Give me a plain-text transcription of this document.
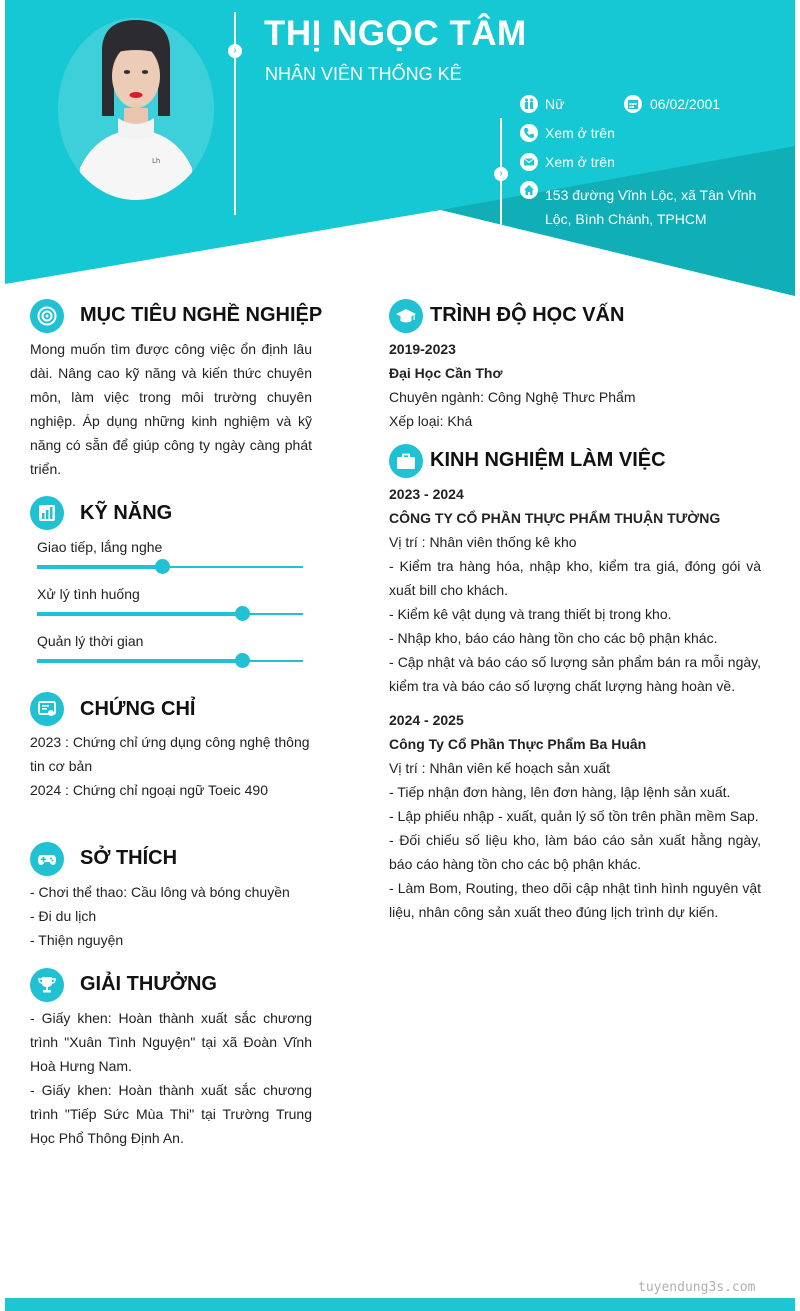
Lh
› THỊ NGỌC TÂM
NHÂN VIÊN THỐNG KÊ
›
Nữ	06/02/2001
Xem ở trên
Xem ở trên
153 đường Vĩnh Lộc, xã Tân Vĩnh
Lộc, Bình Chánh, TPHCM
MỤC TIÊU NGHỀ NGHIỆP
Mong muốn tìm được công việc ổn định lâu dài. Nâng cao kỹ năng và kiến thức chuyên môn, làm việc trong môi trường chuyên nghiệp. Áp dụng những kinh nghiệm và kỹ năng có sẵn để giúp công ty ngày càng phát triển.
KỸ NĂNG
Giao tiếp, lắng nghe
Xử lý tình huống
Quản lý thời gian
CHỨNG CHỈ

2023 : Chứng chỉ ứng dụng công nghệ thông tin cơ bản

2024 : Chứng chỉ ngoại ngữ Toeic 490

SỞ THÍCH

- Chơi thể thao: Cầu lông và bóng chuyền

- Đi du lịch

- Thiện nguyện

GIẢI THƯỞNG

- Giấy khen: Hoàn thành xuất sắc chương trình "Xuân Tình Nguyện" tại xã Đoàn Vĩnh Hoà Hưng Nam.

- Giấy khen: Hoàn thành xuất sắc chương trình "Tiếp Sức Mùa Thi" tại Trường Trung Học Phổ Thông Định An.

TRÌNH ĐỘ HỌC VẤN

2019-2023

Đại Học Cần Thơ

Chuyên ngành: Công Nghệ Thưc Phẩm

Xếp loại: Khá

KINH NGHIỆM LÀM VIỆC

2023 - 2024

CÔNG TY CỔ PHẦN THỰC PHẨM THUẬN TƯỜNG

Vị trí : Nhân viên thống kê kho

- Kiểm tra hàng hóa, nhập kho, kiểm tra giá, đóng gói và xuất bill cho khách.

- Kiểm kê vật dụng và trang thiết bị trong kho.

- Nhập kho, báo cáo hàng tồn cho các bộ phận khác.

- Cập nhật và báo cáo số lượng sản phẩm bán ra mỗi ngày, kiểm tra và báo cáo số lượng chất lượng hàng hoàn về.

2024 - 2025

Công Ty Cổ Phần Thực Phẩm Ba Huân

Vị trí : Nhân viên kế hoạch sản xuất

- Tiếp nhận đơn hàng, lên đơn hàng, lập lệnh sản xuất.

- Lập phiếu nhập - xuất, quản lý số tồn trên phần mềm Sap.

- Đối chiếu số liệu kho, làm báo cáo sản xuất hằng ngày, báo cáo hàng tồn cho các bộ phận khác.

- Làm Bom, Routing, theo dõi cập nhật tình hình nguyên vật liệu, nhân công sản xuất theo đúng lịch trình dự kiến.

tuyendung3s.com
